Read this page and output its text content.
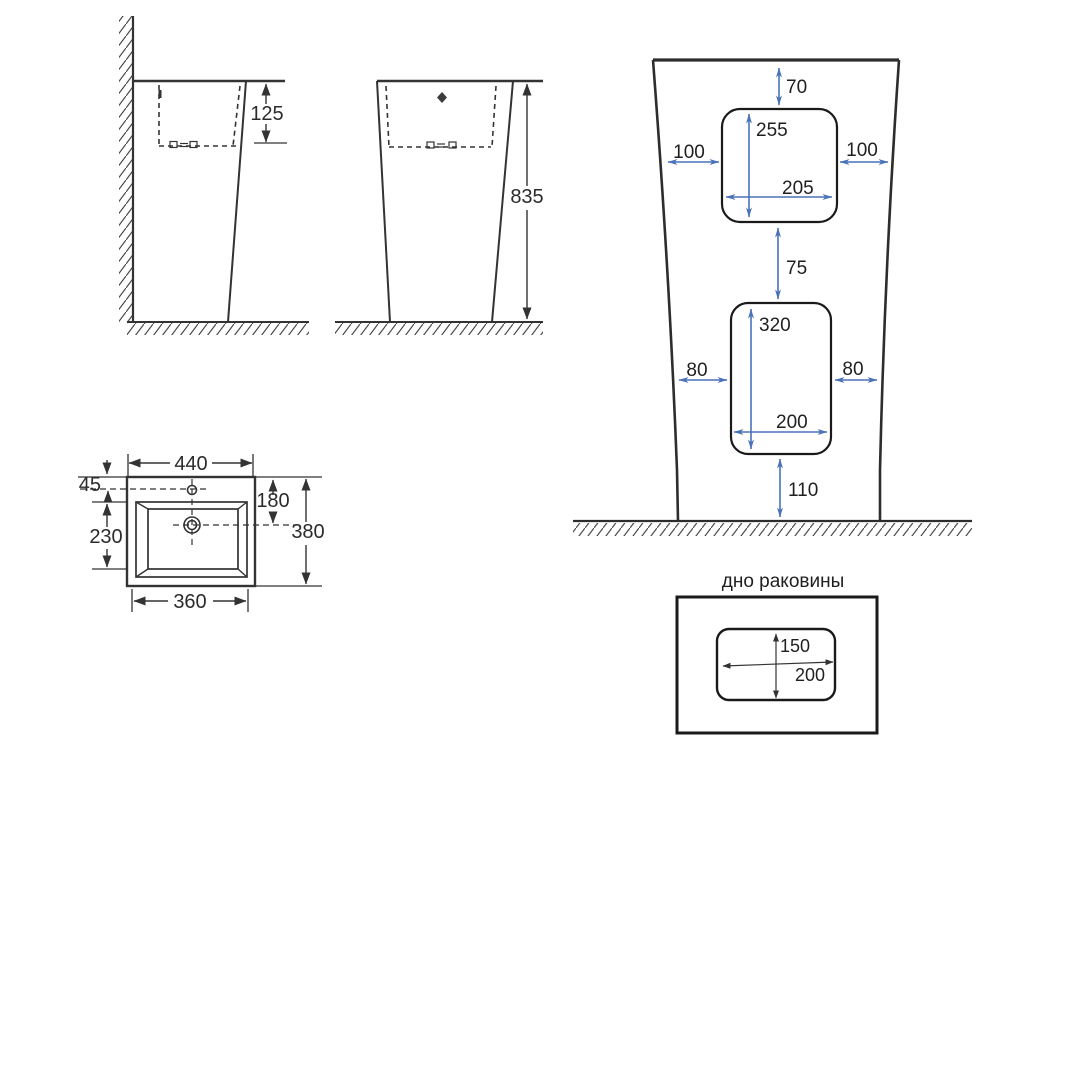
125
835
440
45
230
180
380
360
70
255
205
100	100
75
320
200
80	80
110
дно раковины
150
200
